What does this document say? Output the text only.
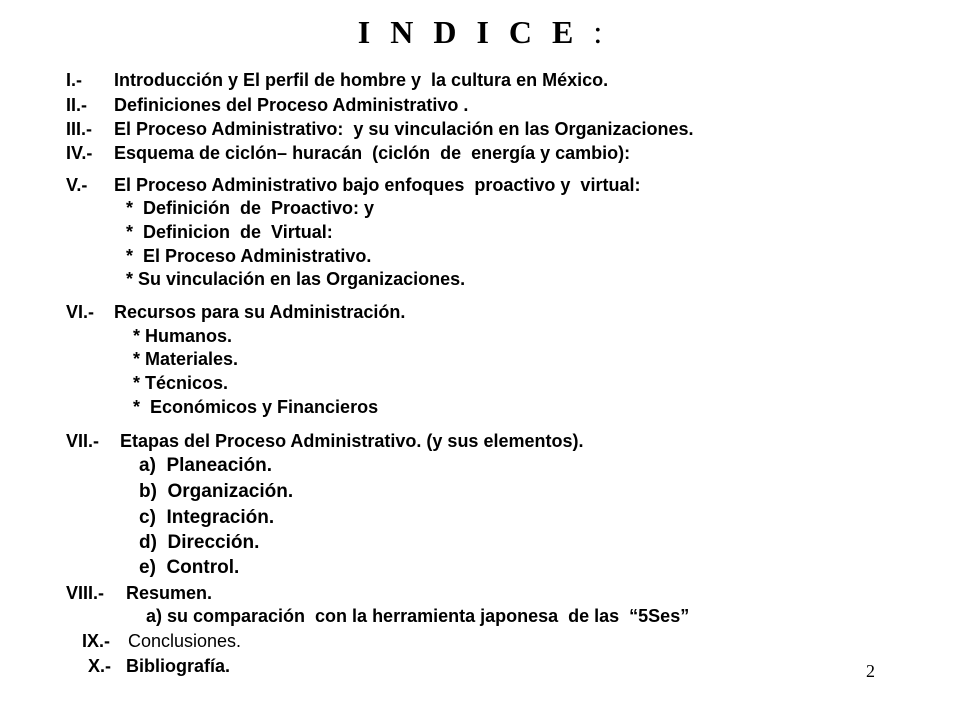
I N D I C E :
I.- Introducción y El perfil de hombre y  la cultura en México.
II.- Definiciones del Proceso Administrativo .
III.- El Proceso Administrativo:  y su vinculación en las Organizaciones.
IV.- Esquema de ciclón– huracán  (ciclón  de  energía y cambio):
V.- El Proceso Administrativo bajo enfoques  proactivo y  virtual:
*  Definición  de  Proactivo: y
*  Definicion  de  Virtual:
*  El Proceso Administrativo.
* Su vinculación en las Organizaciones.
VI.- Recursos para su Administración.
* Humanos.
* Materiales.
* Técnicos.
*  Económicos y Financieros
VII.- Etapas del Proceso Administrativo. (y sus elementos).
a)  Planeación.
b)  Organización.
c)  Integración.
d)  Dirección.
e)  Control.
VIII.- Resumen.
a) su comparación  con la herramienta japonesa  de las  “5Ses”
IX.- Conclusiones.
X.- Bibliografía.	2
